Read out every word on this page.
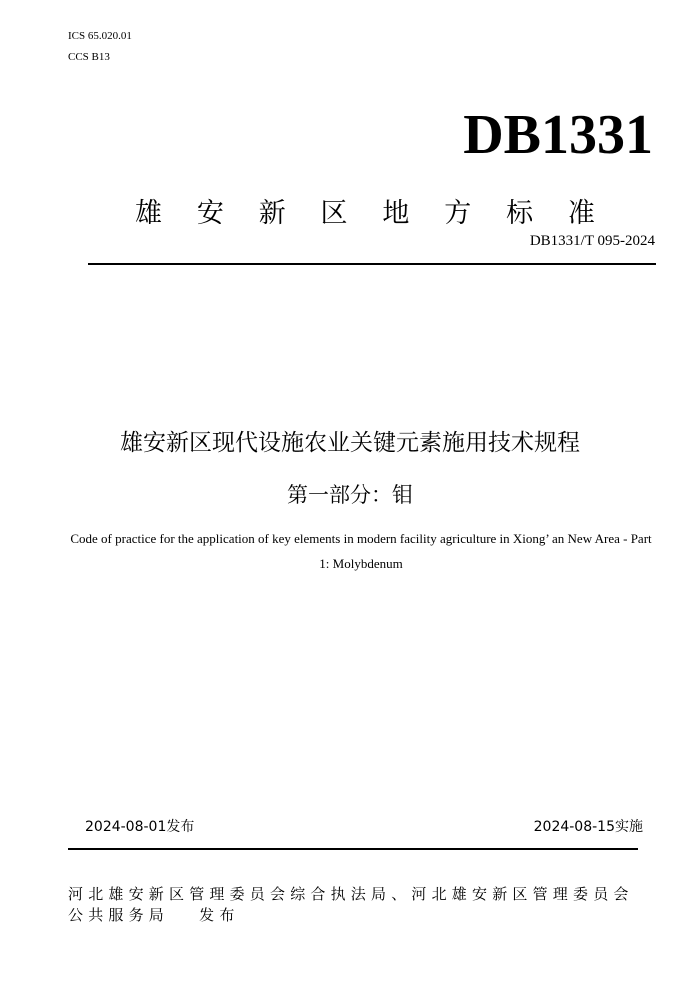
ICS 65.020.01
CCS B13
DB1331
雄 安 新 区 地 方 标 准
DB1331/T 095-2024
雄安新区现代设施农业关键元素施用技术规程
第一部分：钼
Code of practice for the application of key elements in modern facility agriculture in Xiong’ an New Area - Part 1: Molybdenum
2024-08-01发布	2024-08-15实施
河北雄安新区管理委员会综合执法局、河北雄安新区管理委员会公共服务局　 发布
